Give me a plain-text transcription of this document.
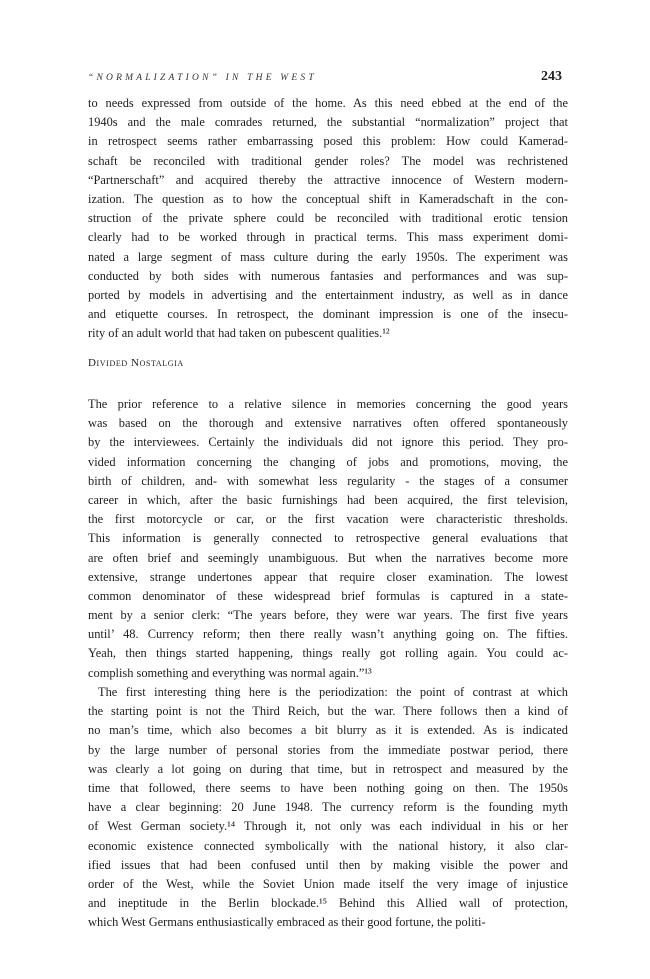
“NORMALIZATION” IN THE WEST	243
to needs expressed from outside of the home. As this need ebbed at the end of the
1940s and the male comrades returned, the substantial “normalization” project that
in retrospect seems rather embarrassing posed this problem: How could Kamerad-
schaft be reconciled with traditional gender roles? The model was rechristened
“Partnerschaft” and acquired thereby the attractive innocence of Western modern-
ization. The question as to how the conceptual shift in Kameradschaft in the con-
struction of the private sphere could be reconciled with traditional erotic tension
clearly had to be worked through in practical terms. This mass experiment domi-
nated a large segment of mass culture during the early 1950s. The experiment was
conducted by both sides with numerous fantasies and performances and was sup-
ported by models in advertising and the entertainment industry, as well as in dance
and etiquette courses. In retrospect, the dominant impression is one of the insecu-
rity of an adult world that had taken on pubescent qualities.¹²
Divided Nostalgia
The prior reference to a relative silence in memories concerning the good years
was based on the thorough and extensive narratives often offered spontaneously
by the interviewees. Certainly the individuals did not ignore this period. They pro-
vided information concerning the changing of jobs and promotions, moving, the
birth of children, and- with somewhat less regularity - the stages of a consumer
career in which, after the basic furnishings had been acquired, the first television,
the first motorcycle or car, or the first vacation were characteristic thresholds.
This information is generally connected to retrospective general evaluations that
are often brief and seemingly unambiguous. But when the narratives become more
extensive, strange undertones appear that require closer examination. The lowest
common denominator of these widespread brief formulas is captured in a state-
ment by a senior clerk: “The years before, they were war years. The first five years
until’ 48. Currency reform; then there really wasn’t anything going on. The fifties.
Yeah, then things started happening, things really got rolling again. You could ac-
complish something and everything was normal again.”¹³
The first interesting thing here is the periodization: the point of contrast at which
the starting point is not the Third Reich, but the war. There follows then a kind of
no man’s time, which also becomes a bit blurry as it is extended. As is indicated
by the large number of personal stories from the immediate postwar period, there
was clearly a lot going on during that time, but in retrospect and measured by the
time that followed, there seems to have been nothing going on then. The 1950s
have a clear beginning: 20 June 1948. The currency reform is the founding myth
of West German society.¹⁴ Through it, not only was each individual in his or her
economic existence connected symbolically with the national history, it also clar-
ified issues that had been confused until then by making visible the power and
order of the West, while the Soviet Union made itself the very image of injustice
and ineptitude in the Berlin blockade.¹⁵ Behind this Allied wall of protection,
which West Germans enthusiastically embraced as their good fortune, the politi-
